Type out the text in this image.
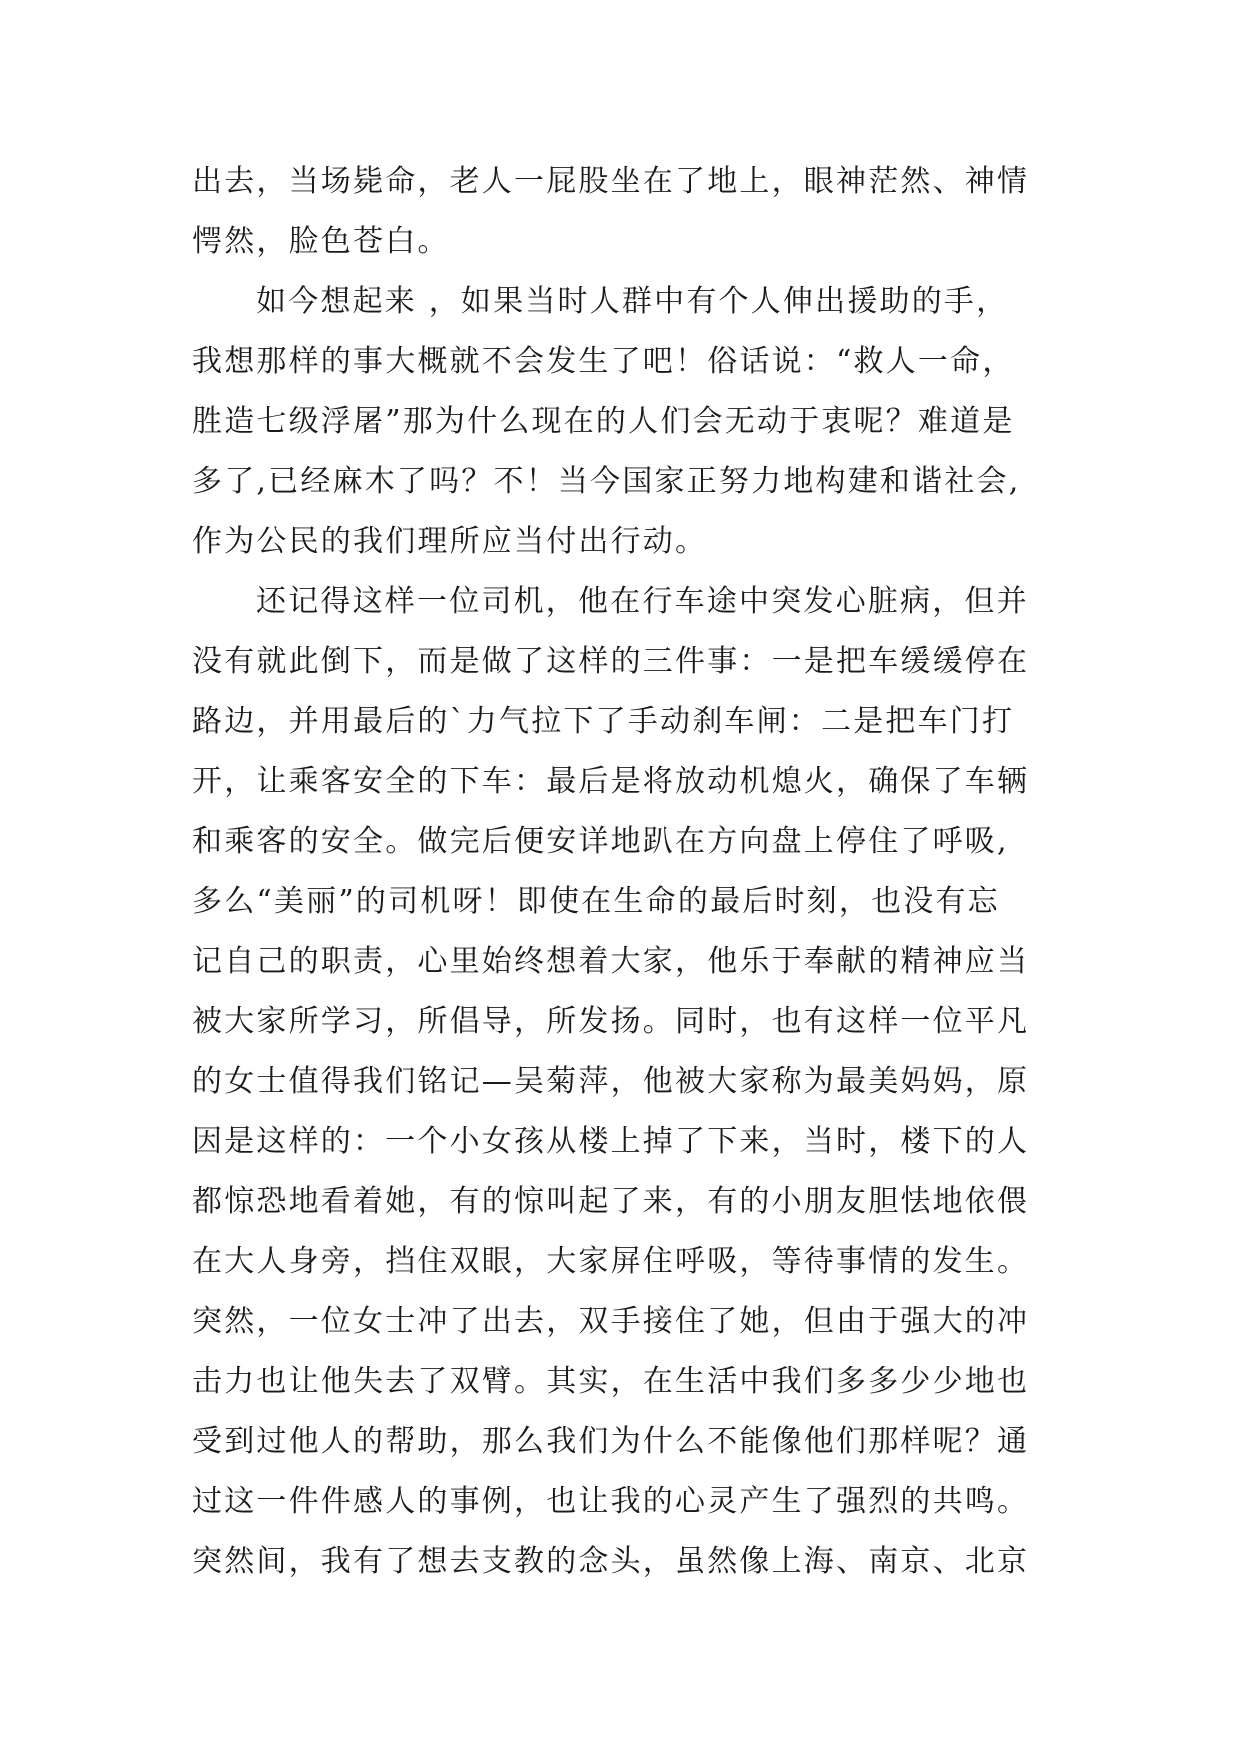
出去，当场毙命，老人一屁股坐在了地上，眼神茫然、神情
愕然，脸色苍白。
如今想起来 ，如果当时人群中有个人伸出援助的手，
我想那样的事大概就不会发生了吧！俗话说：“救人一命，
胜造七级浮屠”那为什么现在的人们会无动于衷呢？难道是
多了,已经麻木了吗？不！当今国家正努力地构建和谐社会,
作为公民的我们理所应当付出行动。
还记得这样一位司机，他在行车途中突发心脏病，但并
没有就此倒下，而是做了这样的三件事：一是把车缓缓停在
路边，并用最后的`力气拉下了手动刹车闸：二是把车门打
开，让乘客安全的下车：最后是将放动机熄火，确保了车辆
和乘客的安全。做完后便安详地趴在方向盘上停住了呼吸,
多么“美丽”的司机呀！即使在生命的最后时刻，也没有忘
记自己的职责，心里始终想着大家，他乐于奉献的精神应当
被大家所学习，所倡导，所发扬。同时，也有这样一位平凡
的女士值得我们铭记—吴菊萍，他被大家称为最美妈妈，原
因是这样的：一个小女孩从楼上掉了下来，当时，楼下的人
都惊恐地看着她，有的惊叫起了来，有的小朋友胆怯地依偎
在大人身旁，挡住双眼，大家屏住呼吸，等待事情的发生。
突然，一位女士冲了出去，双手接住了她，但由于强大的冲
击力也让他失去了双臂。其实，在生活中我们多多少少地也
受到过他人的帮助，那么我们为什么不能像他们那样呢？通
过这一件件感人的事例，也让我的心灵产生了强烈的共鸣。
突然间，我有了想去支教的念头，虽然像上海、南京、北京
